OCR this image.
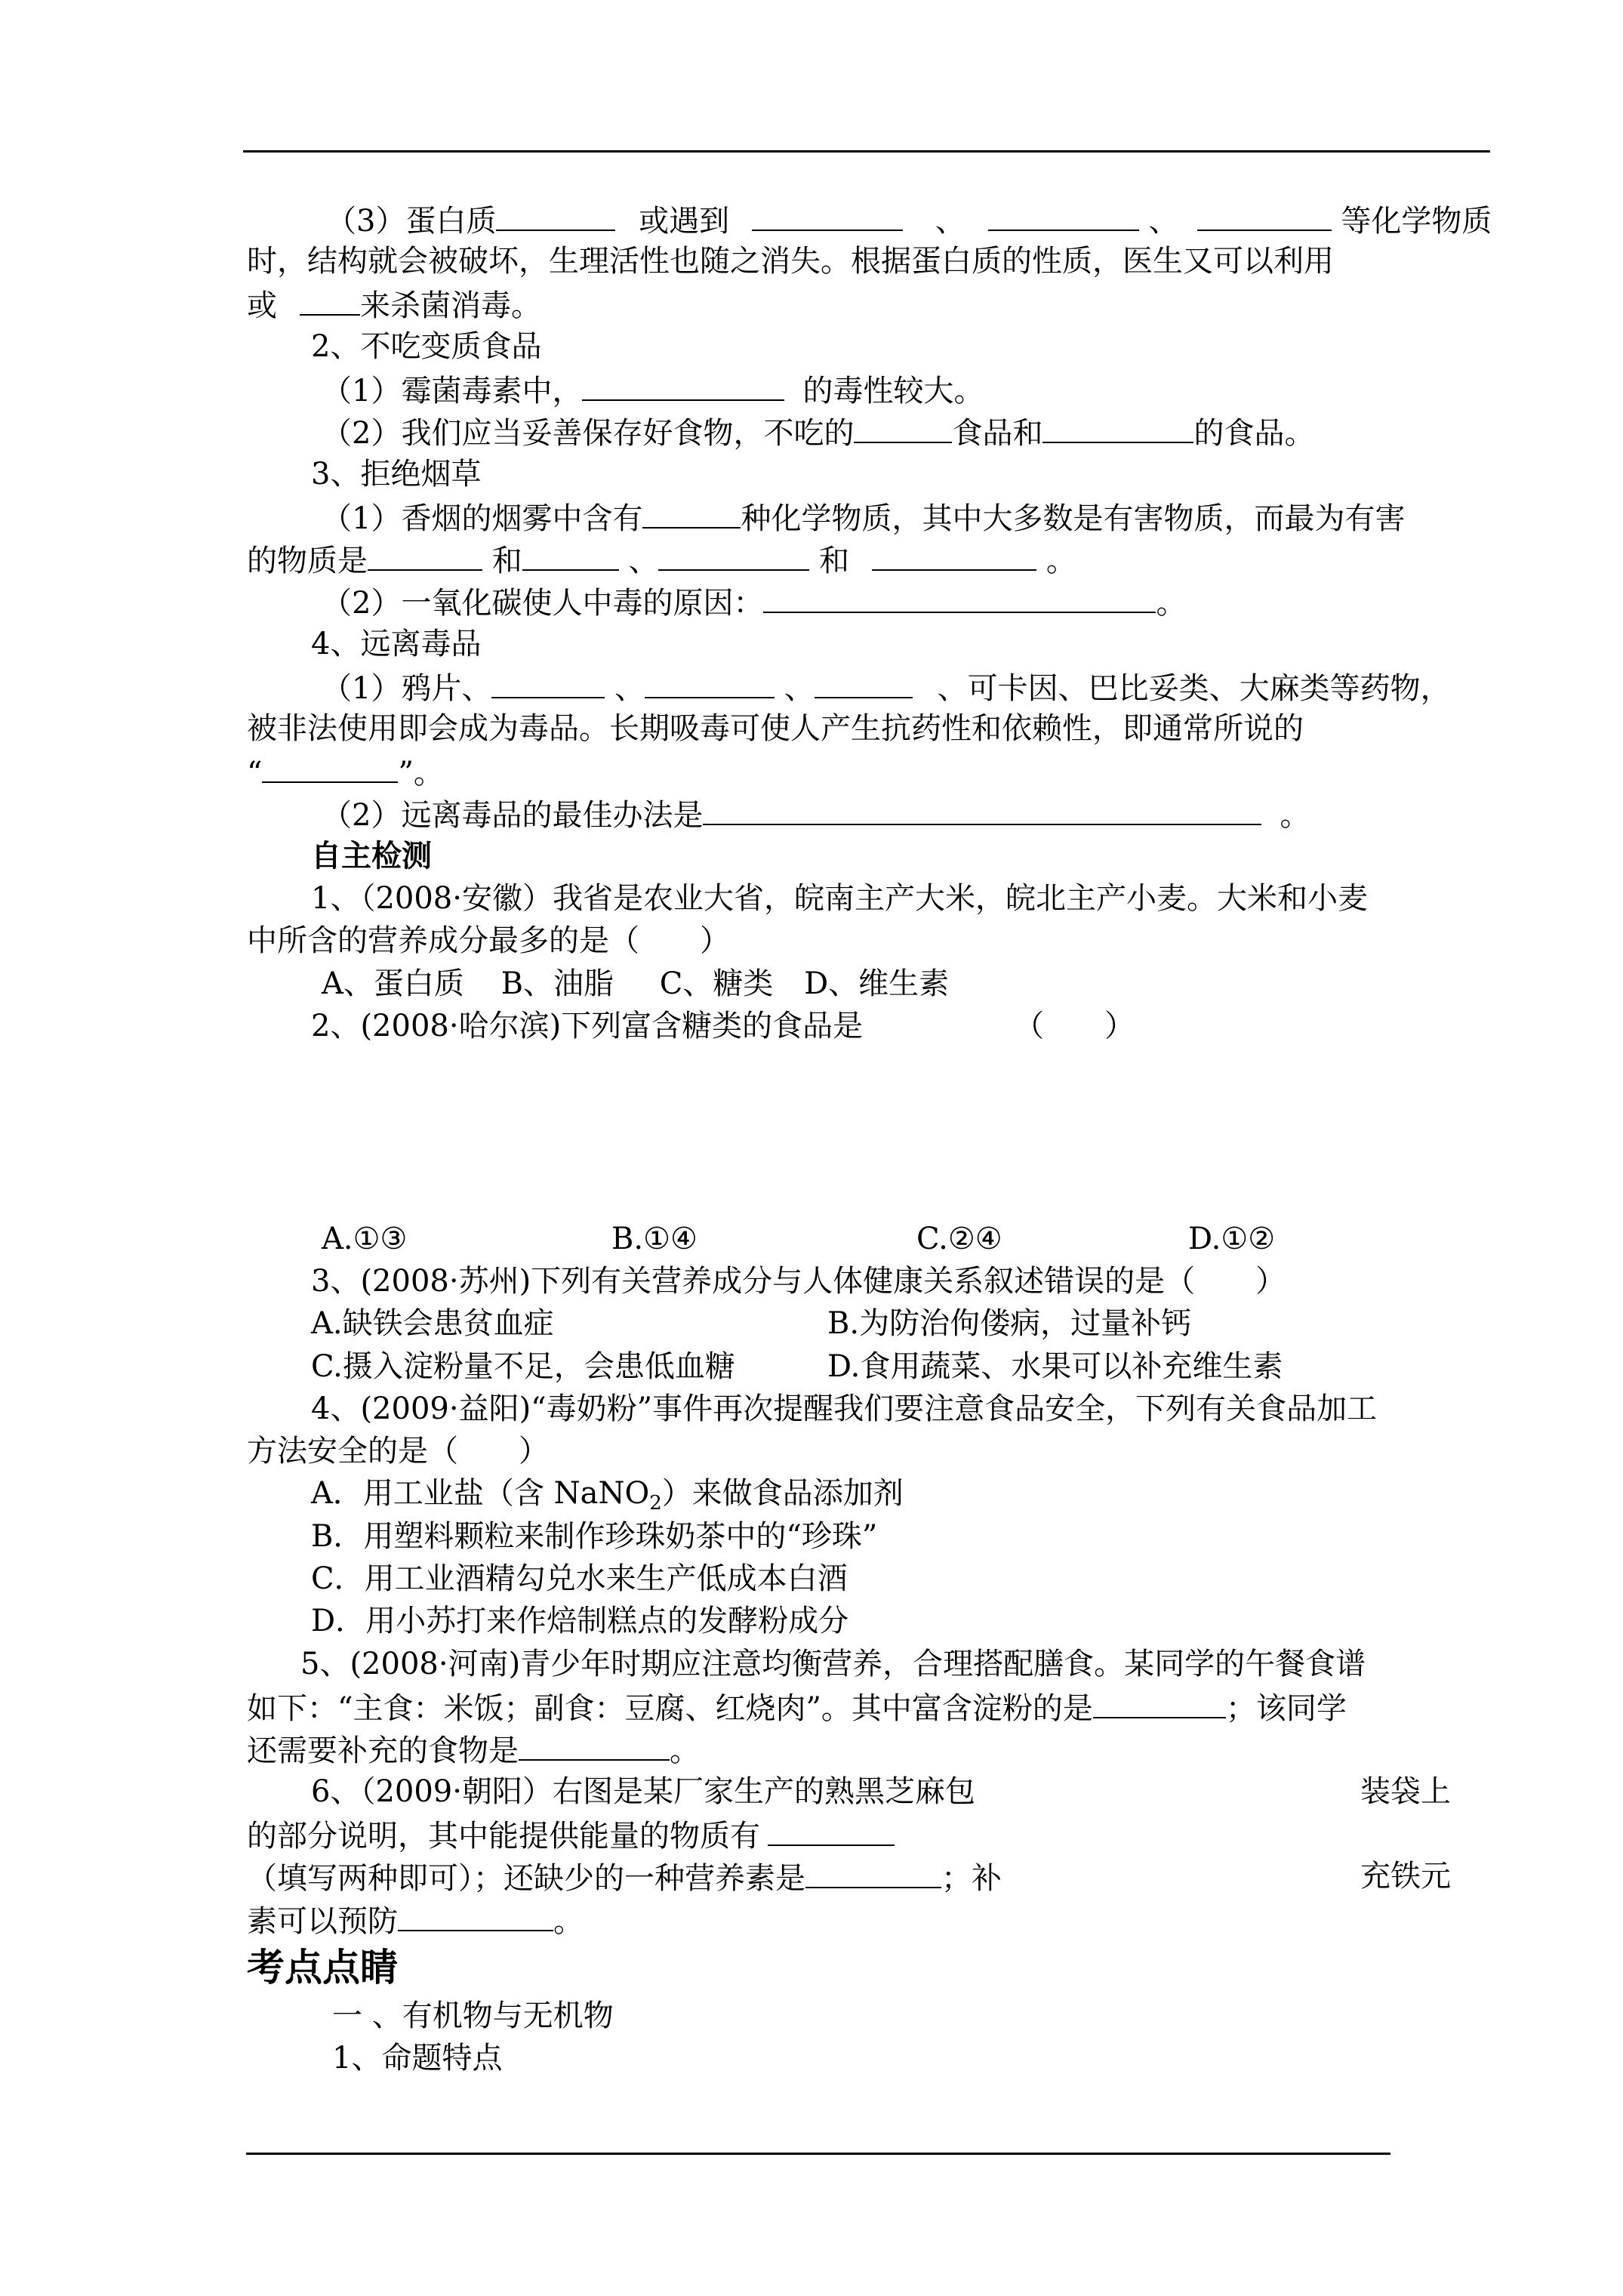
（3）蛋白质	或遇到	、	、	等化学物质
时，结构就会被破坏，生理活性也随之消失。根据蛋白质的性质，医生又可以利用
或	来杀菌消毒。
2、不吃变质食品
（1）霉菌毒素中，	的毒性较大。
（2）我们应当妥善保存好食物，不吃的	食品和	的食品。
3、拒绝烟草
（1）香烟的烟雾中含有	种化学物质，其中大多数是有害物质，而最为有害
的物质是	和	、	和	。
（2）一氧化碳使人中毒的原因：	。
4、远离毒品
（1）鸦片、	、	、	、可卡因、巴比妥类、大麻类等药物，
被非法使用即会成为毒品。长期吸毒可使人产生抗药性和依赖性，即通常所说的
“	”。
（2）远离毒品的最佳办法是	。
自主检测
1、（2008·安徽）我省是农业大省，皖南主产大米，皖北主产小麦。大米和小麦
中所含的营养成分最多的是（　　）
A、蛋白质 B、油脂 C、糖类 D、维生素
2、(2008·哈尔滨)下列富含糖类的食品是	（　　）
A.①③	B.①④	C.②④	D.①②
3、(2008·苏州)下列有关营养成分与人体健康关系叙述错误的是（　　）
A.缺铁会患贫血症	B.为防治佝偻病，过量补钙
C.摄入淀粉量不足，会患低血糖	D.食用蔬菜、水果可以补充维生素
4、(2009·益阳)“毒奶粉”事件再次提醒我们要注意食品安全，下列有关食品加工
方法安全的是（　　）
A．用工业盐（含 NaNO$_2$）来做食品添加剂
B．用塑料颗粒来制作珍珠奶茶中的“珍珠”
C．用工业酒精勾兑水来生产低成本白酒
D．用小苏打来作焙制糕点的发酵粉成分
5、(2008·河南)青少年时期应注意均衡营养，合理搭配膳食。某同学的午餐食谱
如下：“主食：米饭；副食：豆腐、红烧肉”。其中富含淀粉的是	；该同学
还需要补充的食物是	。
6、（2009·朝阳）右图是某厂家生产的熟黑芝麻包	装袋上
的部分说明，其中能提供能量的物质有
（填写两种即可）；还缺少的一种营养素是	；补	充铁元
素可以预防	。
考点点睛
一 、有机物与无机物
1、命题特点
